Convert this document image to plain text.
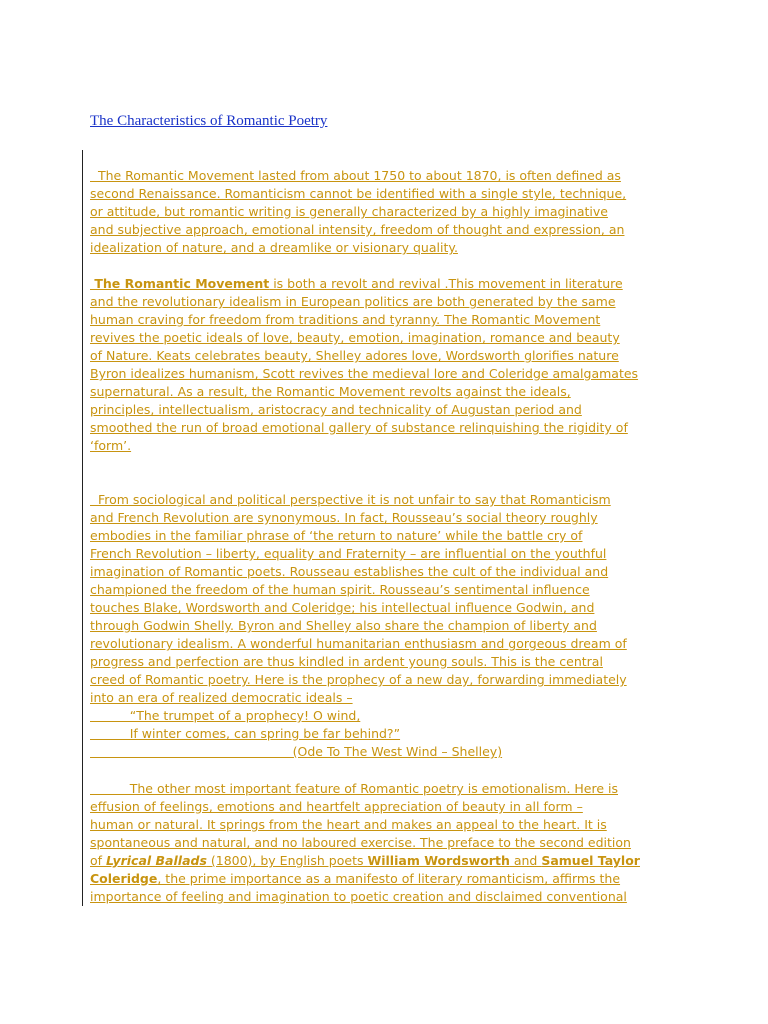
The Characteristics of Romantic Poetry
The Romantic Movement lasted from about 1750 to about 1870, is often defined as
second Renaissance. Romanticism cannot be identified with a single style, technique,
or attitude, but romantic writing is generally characterized by a highly imaginative
and subjective approach, emotional intensity, freedom of thought and expression, an
idealization of nature, and a dreamlike or visionary quality.
The Romantic Movement is both a revolt and revival .This movement in literature
and the revolutionary idealism in European politics are both generated by the same
human craving for freedom from traditions and tyranny. The Romantic Movement
revives the poetic ideals of love, beauty, emotion, imagination, romance and beauty
of Nature. Keats celebrates beauty, Shelley adores love, Wordsworth glorifies nature
Byron idealizes humanism, Scott revives the medieval lore and Coleridge amalgamates
supernatural. As a result, the Romantic Movement revolts against the ideals,
principles, intellectualism, aristocracy and technicality of Augustan period and
smoothed the run of broad emotional gallery of substance relinquishing the rigidity of
‘form’.
From sociological and political perspective it is not unfair to say that Romanticism
and French Revolution are synonymous. In fact, Rousseau’s social theory roughly
embodies in the familiar phrase of ‘the return to nature’ while the battle cry of
French Revolution – liberty, equality and Fraternity – are influential on the youthful
imagination of Romantic poets. Rousseau establishes the cult of the individual and
championed the freedom of the human spirit. Rousseau’s sentimental influence
touches Blake, Wordsworth and Coleridge; his intellectual influence Godwin, and
through Godwin Shelly. Byron and Shelley also share the champion of liberty and
revolutionary idealism. A wonderful humanitarian enthusiasm and gorgeous dream of
progress and perfection are thus kindled in ardent young souls. This is the central
creed of Romantic poetry. Here is the prophecy of a new day, forwarding immediately
into an era of realized democratic ideals –
“The trumpet of a prophecy! O wind,
If winter comes, can spring be far behind?”
(Ode To The West Wind – Shelley)
The other most important feature of Romantic poetry is emotionalism. Here is
effusion of feelings, emotions and heartfelt appreciation of beauty in all form –
human or natural. It springs from the heart and makes an appeal to the heart. It is
spontaneous and natural, and no laboured exercise. The preface to the second edition
of Lyrical Ballads (1800), by English poets William Wordsworth and Samuel Taylor
Coleridge, the prime importance as a manifesto of literary romanticism, affirms the
importance of feeling and imagination to poetic creation and disclaimed conventional
